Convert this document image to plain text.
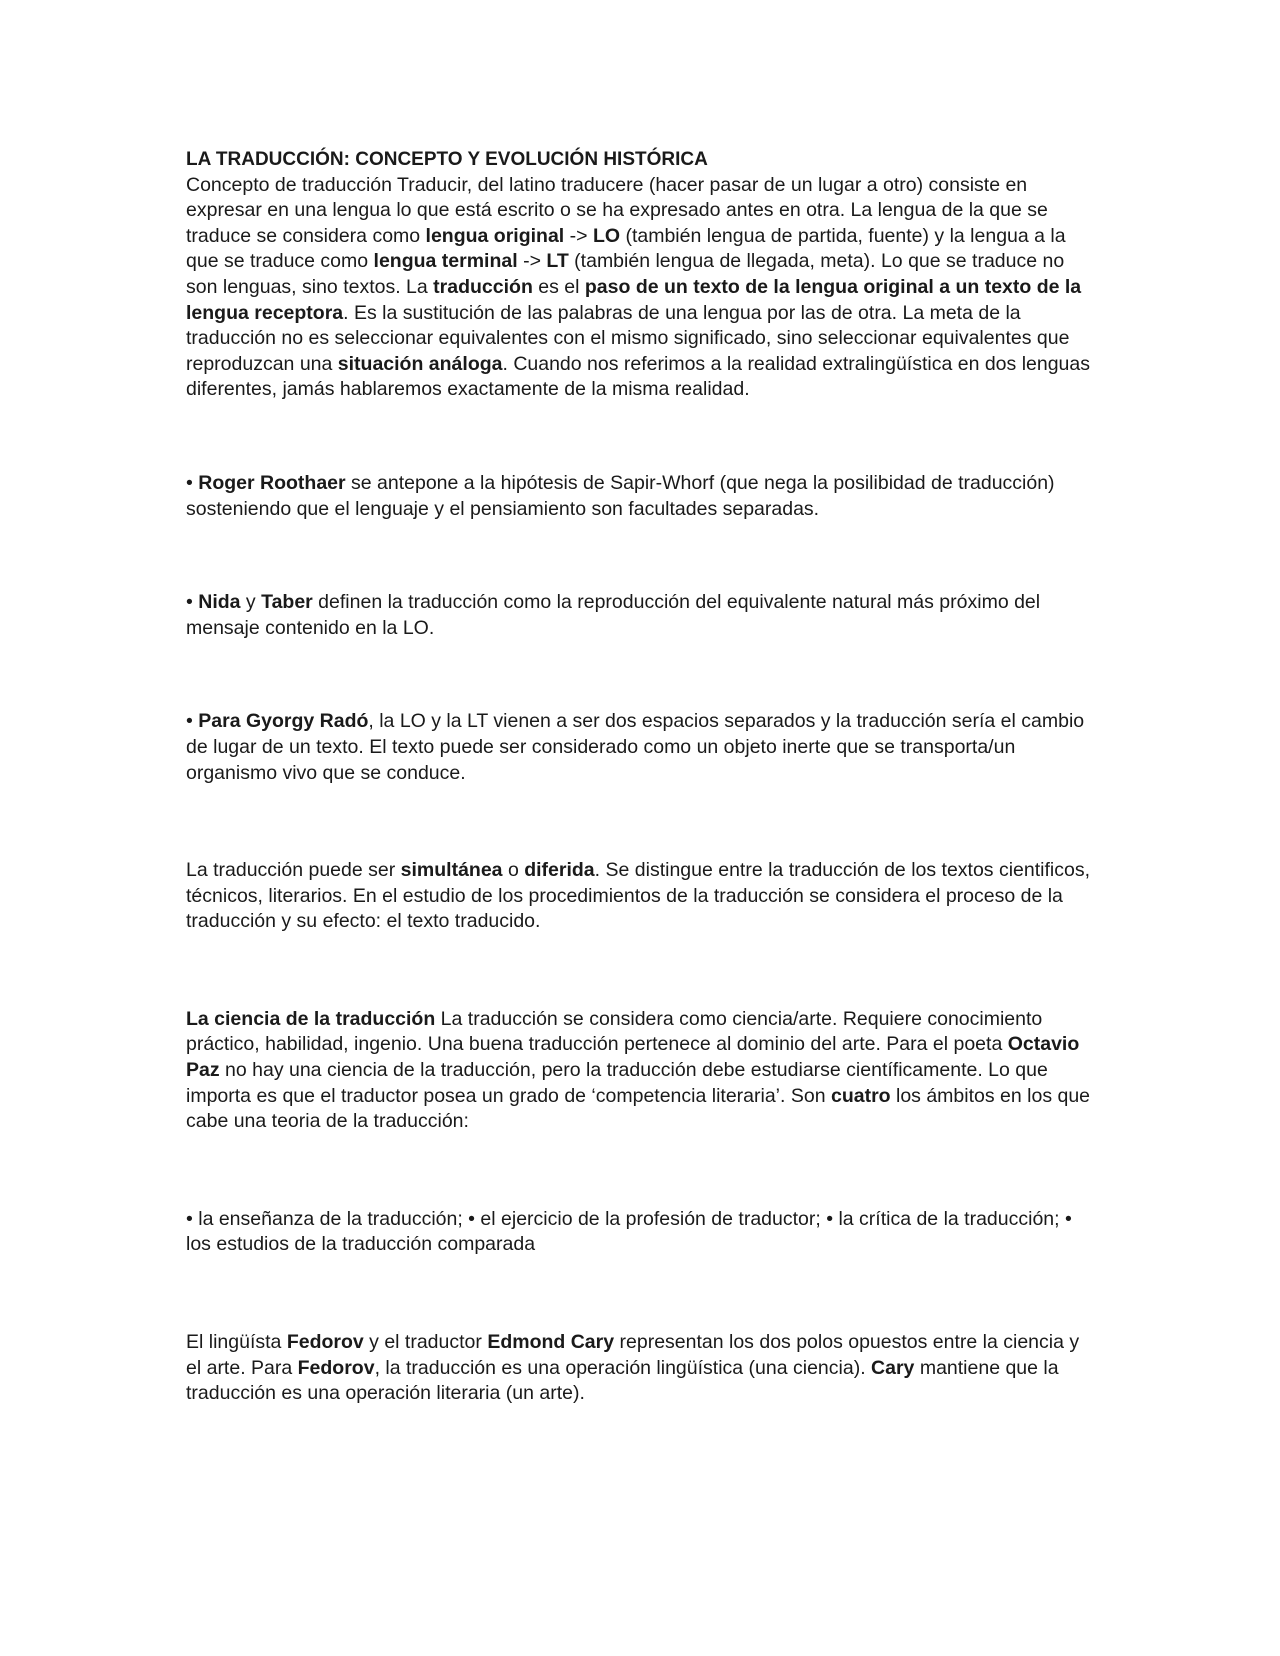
LA TRADUCCIÓN: CONCEPTO Y EVOLUCIÓN HISTÓRICA

Concepto de traducción Traducir, del latino traducere (hacer pasar de un lugar a otro) consiste en expresar en una lengua lo que está escrito o se ha expresado antes en otra. La lengua de la que se traduce se considera como lengua original -> LO (también lengua de partida, fuente) y la lengua a la que se traduce como lengua terminal -> LT (también lengua de llegada, meta). Lo que se traduce no son lenguas, sino textos. La traducción es el paso de un texto de la lengua original a un texto de la lengua receptora. Es la sustitución de las palabras de una lengua por las de otra. La meta de la traducción no es seleccionar equivalentes con el mismo significado, sino seleccionar equivalentes que reproduzcan una situación análoga. Cuando nos referimos a la realidad extralingüística en dos lenguas diferentes, jamás hablaremos exactamente de la misma realidad.

• Roger Roothaer se antepone a la hipótesis de Sapir-Whorf (que nega la posilibidad de traducción) sosteniendo que el lenguaje y el pensiamiento son facultades separadas.

• Nida y Taber definen la traducción como la reproducción del equivalente natural más próximo del mensaje contenido en la LO.

• Para Gyorgy Radó, la LO y la LT vienen a ser dos espacios separados y la traducción sería el cambio de lugar de un texto. El texto puede ser considerado como un objeto inerte que se transporta/un organismo vivo que se conduce.

La traducción puede ser simultánea o diferida. Se distingue entre la traducción de los textos cientificos, técnicos, literarios. En el estudio de los procedimientos de la traducción se considera el proceso de la traducción y su efecto: el texto traducido.

La ciencia de la traducción La traducción se considera como ciencia/arte. Requiere conocimiento práctico, habilidad, ingenio. Una buena traducción pertenece al dominio del arte. Para el poeta Octavio Paz no hay una ciencia de la traducción, pero la traducción debe estudiarse científicamente. Lo que importa es que el traductor posea un grado de ‘competencia literaria’. Son cuatro los ámbitos en los que cabe una teoria de la traducción:

• la enseñanza de la traducción; • el ejercicio de la profesión de traductor; • la crítica de la traducción; • los estudios de la traducción comparada

El lingüísta Fedorov y el traductor Edmond Cary representan los dos polos opuestos entre la ciencia y el arte. Para Fedorov, la traducción es una operación lingüística (una ciencia). Cary mantiene que la traducción es una operación literaria (un arte).
